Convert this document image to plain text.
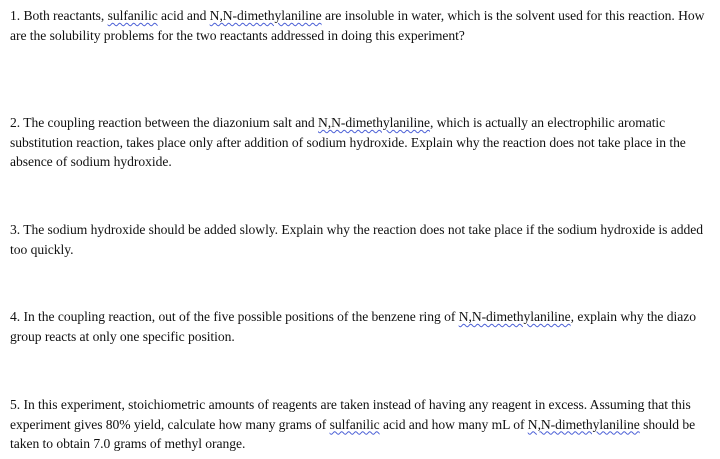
1. Both reactants, sulfanilic acid and N,N-dimethylaniline are insoluble in water, which is the solvent used for this reaction. How are the solubility problems for the two reactants addressed in doing this experiment?

2. The coupling reaction between the diazonium salt and N,N-dimethylaniline, which is actually an electrophilic aromatic substitution reaction, takes place only after addition of sodium hydroxide. Explain why the reaction does not take place in the absence of sodium hydroxide.

3. The sodium hydroxide should be added slowly. Explain why the reaction does not take place if the sodium hydroxide is added too quickly.

4. In the coupling reaction, out of the five possible positions of the benzene ring of N,N-dimethylaniline, explain why the diazo group reacts at only one specific position.

5. In this experiment, stoichiometric amounts of reagents are taken instead of having any reagent in excess. Assuming that this experiment gives 80% yield, calculate how many grams of sulfanilic acid and how many mL of N,N-dimethylaniline should be taken to obtain 7.0 grams of methyl orange.
